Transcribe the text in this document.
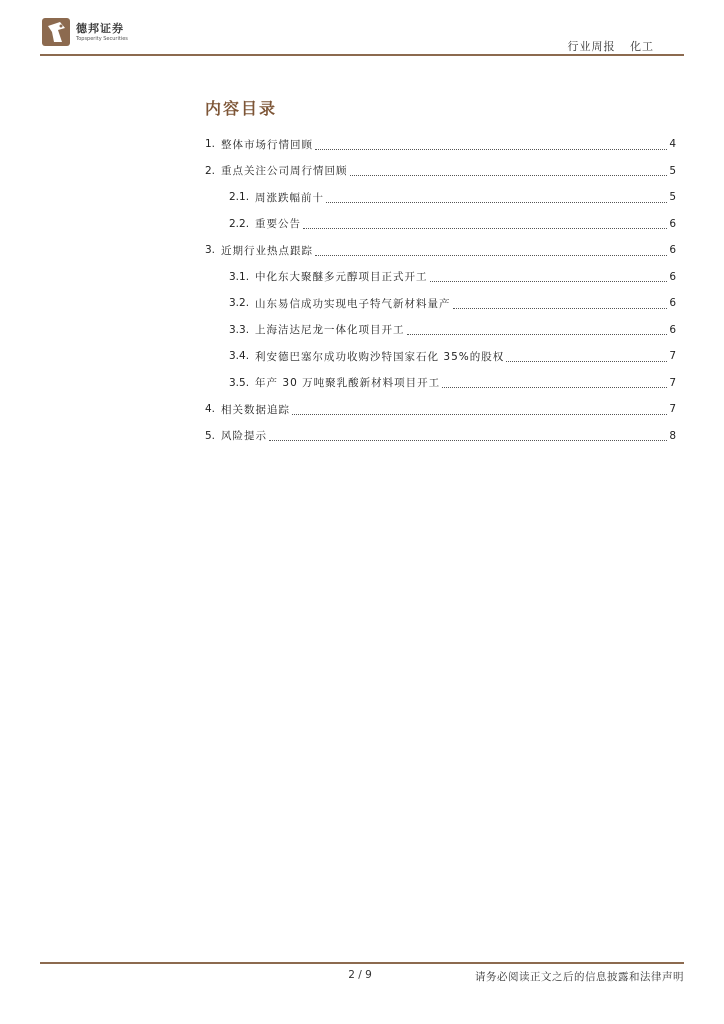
德邦证券
Topsperity Securities
行业周报 化工
内容目录
1. 整体市场行情回顾	4
2. 重点关注公司周行情回顾	5
2.1. 周涨跌幅前十	5
2.2. 重要公告	6
3. 近期行业热点跟踪	6
3.1. 中化东大聚醚多元醇项目正式开工	6
3.2. 山东易信成功实现电子特气新材料量产	6
3.3. 上海洁达尼龙一体化项目开工	6
3.4. 利安德巴塞尔成功收购沙特国家石化 35%的股权	7
3.5. 年产 30 万吨聚乳酸新材料项目开工	7
4. 相关数据追踪	7
5. 风险提示	8
2 / 9	请务必阅读正文之后的信息披露和法律声明
